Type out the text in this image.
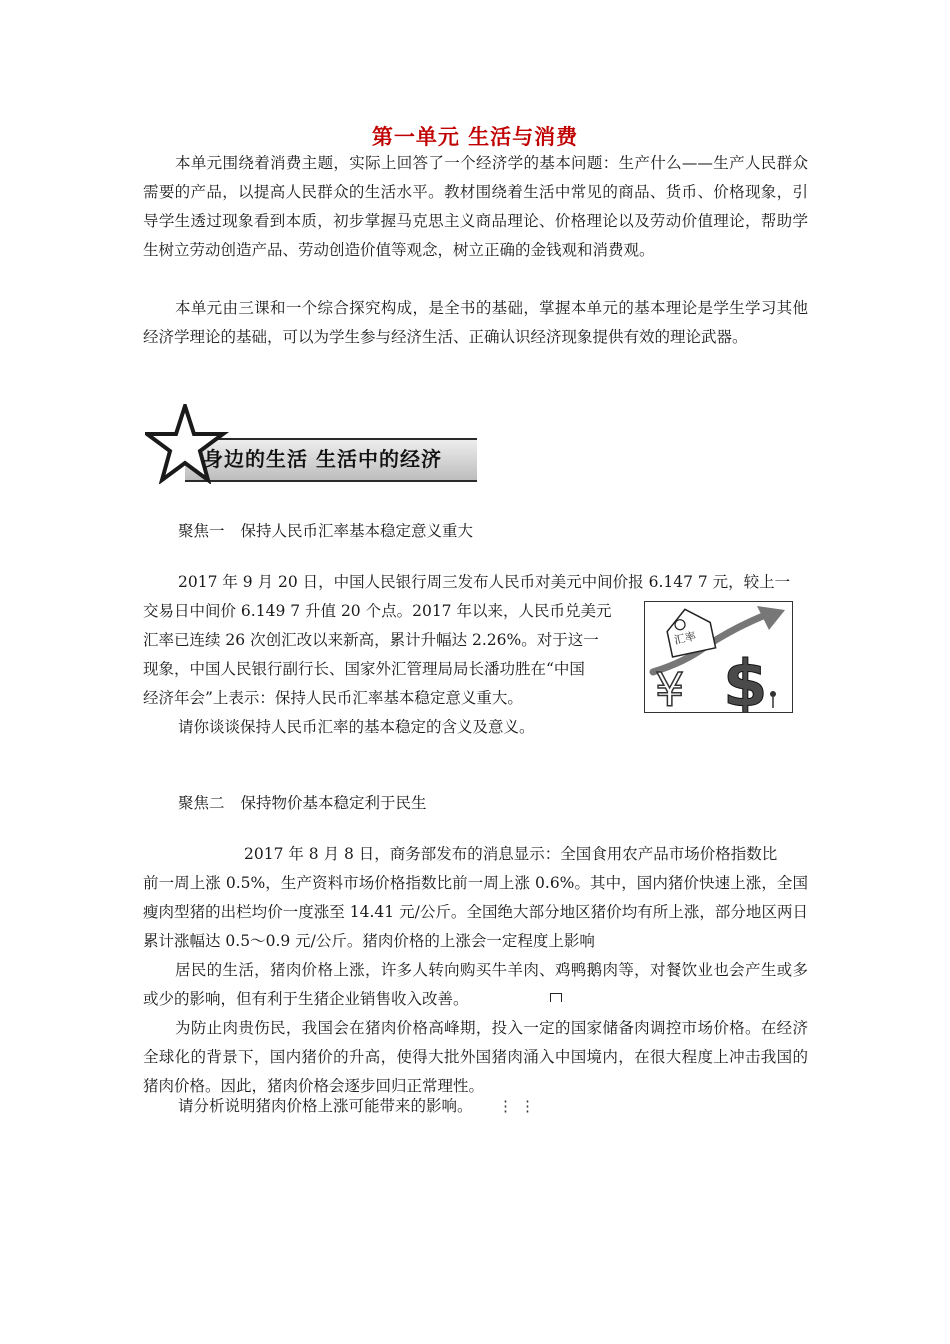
第一单元 生活与消费

本单元围绕着消费主题，实际上回答了一个经济学的基本问题：生产什么——生产人民群众需要的产品，以提高人民群众的生活水平。教材围绕着生活中常见的商品、货币、价格现象，引导学生透过现象看到本质，初步掌握马克思主义商品理论、价格理论以及劳动价值理论，帮助学生树立劳动创造产品、劳动创造价值等观念，树立正确的金钱观和消费观。

本单元由三课和一个综合探究构成，是全书的基础，掌握本单元的基本理论是学生学习其他经济学理论的基础，可以为学生参与经济生活、正确认识经济现象提供有效的理论武器。

身边的生活 生活中的经济
聚焦一 保持人民币汇率基本稳定意义重大
2017 年 9 月 20 日，中国人民银行周三发布人民币对美元中间价报 6.147 7 元，较上一
交易日中间价 6.149 7 升值 20 个点。2017 年以来，人民币兑美元
汇率已连续 26 次创汇改以来新高，累计升幅达 2.26%。对于这一
现象，中国人民银行副行长、国家外汇管理局局长潘功胜在“中国
经济年会”上表示：保持人民币汇率基本稳定意义重大。
请你谈谈保持人民币汇率的基本稳定的含义及意义。
汇率
¥ $
聚焦二 保持物价基本稳定利于民生
2017 年 8 月 8 日，商务部发布的消息显示：全国食用农产品市场价格指数比

前一周上涨 0.5%，生产资料市场价格指数比前一周上涨 0.6%。其中，国内猪价快速上涨，全国瘦肉型猪的出栏均价一度涨至 14.41 元/公斤。全国绝大部分地区猪价均有所上涨，部分地区两日累计涨幅达 0.5～0.9 元/公斤。猪肉价格的上涨会一定程度上影响

居民的生活，猪肉价格上涨，许多人转向购买牛羊肉、鸡鸭鹅肉等，对餐饮业也会产生或多或少的影响，但有利于生猪企业销售收入改善。

为防止肉贵伤民，我国会在猪肉价格高峰期，投入一定的国家储备肉调控市场价格。在经济全球化的背景下，国内猪价的升高，使得大批外国猪肉涌入中国境内，在很大程度上冲击我国的猪肉价格。因此，猪肉价格会逐步回归正常理性。

请分析说明猪肉价格上涨可能带来的影响。 ⋮⋮
